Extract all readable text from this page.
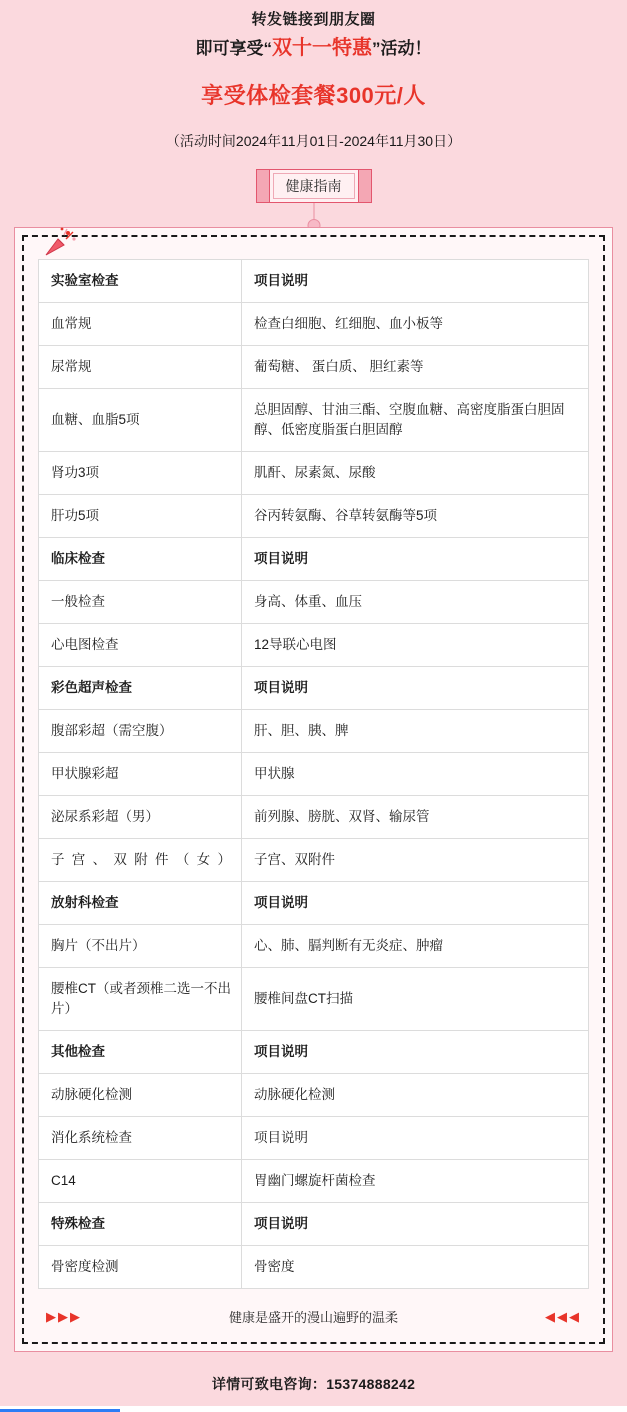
转发链接到朋友圈
即可享受“双十一特惠”活动！
享受体检套餐300元/人
（活动时间2024年11月01日-2024年11月30日）
健康指南
实验室检查	项目说明
血常规	检查白细胞、红细胞、血小板等
尿常规	葡萄糖、 蛋白质、 胆红素等
血糖、血脂5项	总胆固醇、甘油三酯、空腹血糖、高密度脂蛋白胆固醇、低密度脂蛋白胆固醇
肾功3项	肌酐、尿素氮、尿酸
肝功5项	谷丙转氨酶、谷草转氨酶等5项
临床检查	项目说明
一般检查	身高、体重、血压
心电图检查	12导联心电图
彩色超声检查	项目说明
腹部彩超（需空腹）	肝、胆、胰、脾
甲状腺彩超	甲状腺
泌尿系彩超（男）	前列腺、膀胱、双肾、输尿管
子宫、双附件（女）	子宫、双附件
放射科检查	项目说明
胸片（不出片）	心、肺、膈判断有无炎症、肿瘤
腰椎CT（或者颈椎二选一不出片）	腰椎间盘CT扫描
其他检查	项目说明
动脉硬化检测	动脉硬化检测
消化系统检查	项目说明
C14	胃幽门螺旋杆菌检查
特殊检查	项目说明
骨密度检测	骨密度
▶▶▶	健康是盛开的漫山遍野的温柔	◀◀◀
详情可致电咨询：15374888242
